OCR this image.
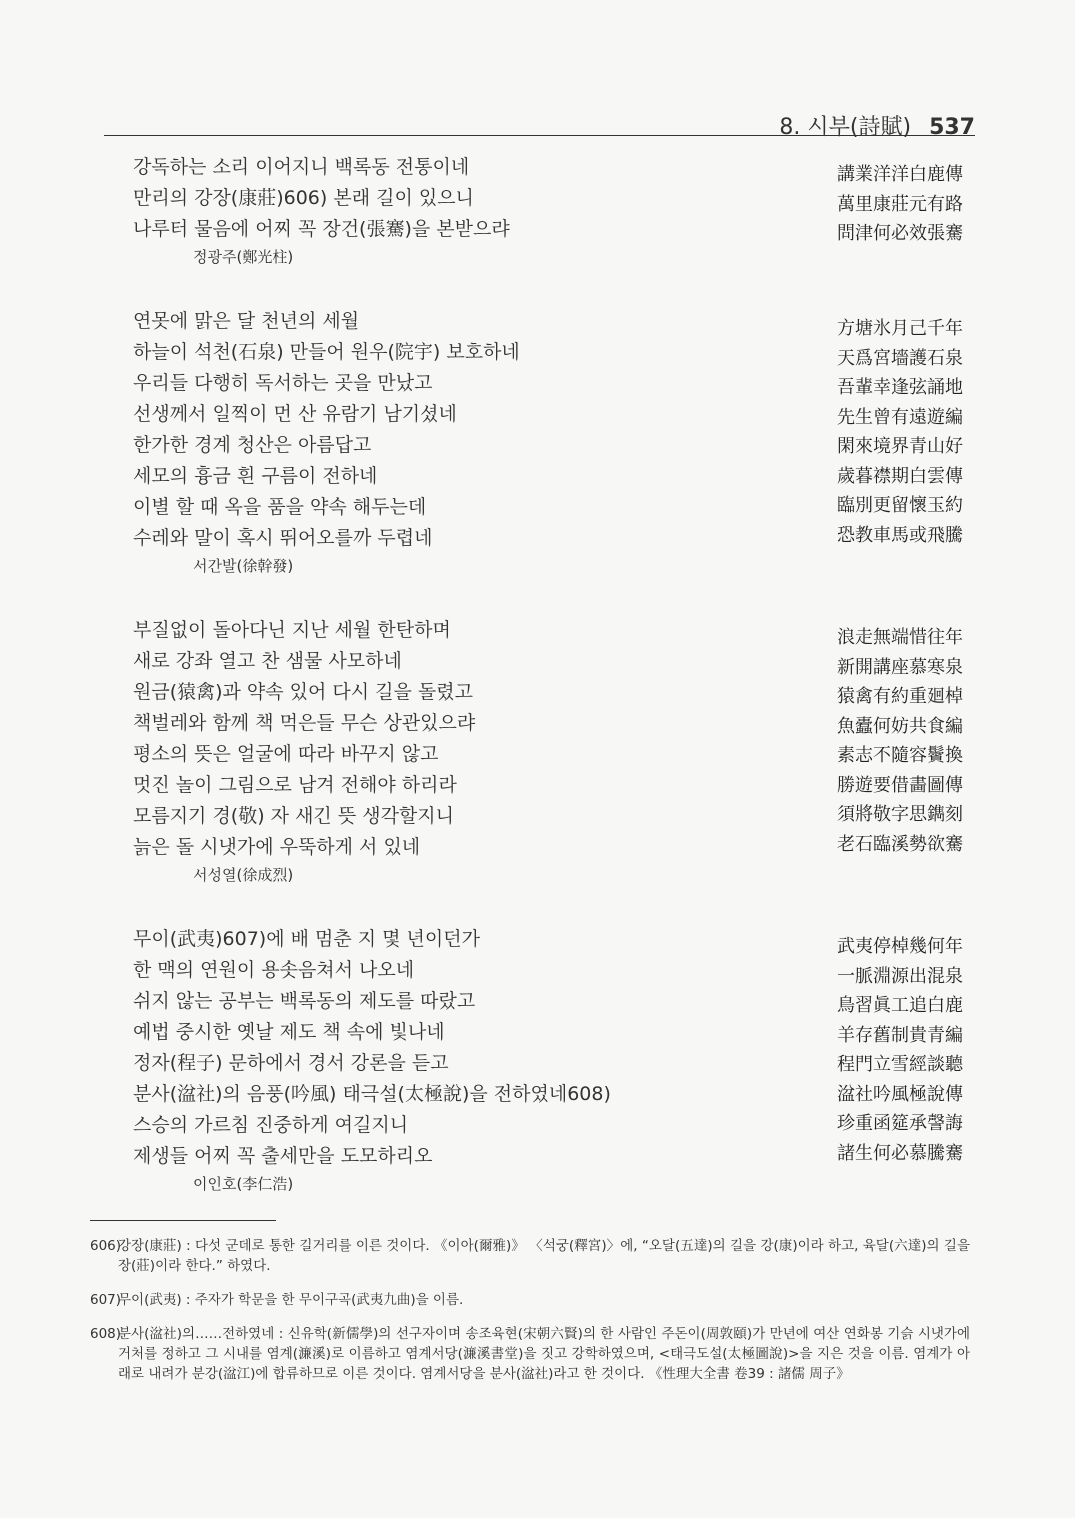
8. 시부(詩賦) 537
강독하는 소리 이어지니 백록동 전통이네
만리의 강장(康莊)606) 본래 길이 있으니
나루터 물음에 어찌 꼭 장건(張騫)을 본받으랴
정광주(鄭光柱)
講業洋洋白鹿傳
萬里康莊元有路
問津何必效張騫
연못에 맑은 달 천년의 세월
하늘이 석천(石泉) 만들어 원우(院宇) 보호하네
우리들 다행히 독서하는 곳을 만났고
선생께서 일찍이 먼 산 유람기 남기셨네
한가한 경계 청산은 아름답고
세모의 흉금 흰 구름이 전하네
이별 할 때 옥을 품을 약속 해두는데
수레와 말이 혹시 뛰어오를까 두렵네
서간발(徐幹發)
方塘氷月己千年
天爲宮墻護石泉
吾輩幸逢弦誦地
先生曾有遠遊編
閑來境界青山好
歲暮襟期白雲傳
臨別更留懷玉約
恐教車馬或飛騰
부질없이 돌아다닌 지난 세월 한탄하며
새로 강좌 열고 찬 샘물 사모하네
원금(猿禽)과 약속 있어 다시 길을 돌렸고
책벌레와 함께 책 먹은들 무슨 상관있으랴
평소의 뜻은 얼굴에 따라 바꾸지 않고
멋진 놀이 그림으로 남겨 전해야 하리라
모름지기 경(敬) 자 새긴 뜻 생각할지니
늙은 돌 시냇가에 우뚝하게 서 있네
서성열(徐成烈)
浪走無端惜往年
新開講座慕寒泉
猿禽有約重廻棹
魚蠹何妨共食編
素志不隨容鬢換
勝遊要借畵圖傳
須將敬字思鐫刻
老石臨溪勢欲騫
무이(武夷)607)에 배 멈춘 지 몇 년이던가
한 맥의 연원이 용솟음쳐서 나오네
쉬지 않는 공부는 백록동의 제도를 따랐고
예법 중시한 옛날 제도 책 속에 빛나네
정자(程子) 문하에서 경서 강론을 듣고
분사(湓社)의 음풍(吟風) 태극설(太極說)을 전하였네608)
스승의 가르침 진중하게 여길지니
제생들 어찌 꼭 출세만을 도모하리오
이인호(李仁浩)
武夷停棹幾何年
一脈淵源出混泉
鳥習眞工追白鹿
羊存舊制貴青編
程門立雪經談聽
湓社吟風極說傳
珍重函筵承謦誨
諸生何必慕騰騫
606)
강장(康莊) : 다섯 군데로 통한 길거리를 이른 것이다. 《이아(爾雅)》 〈석궁(釋宮)〉에, “오달(五達)의 길을 강(康)이라 하고, 육달(六達)의 길을 장(莊)이라 한다.” 하였다.
607)
무이(武夷) : 주자가 학문을 한 무이구곡(武夷九曲)을 이름.
608)
분사(湓社)의……전하였네 : 신유학(新儒學)의 선구자이며 송조육현(宋朝六賢)의 한 사람인 주돈이(周敦頤)가 만년에 여산 연화봉 기슭 시냇가에 거처를 정하고 그 시내를 염계(濂溪)로 이름하고 염계서당(濂溪書堂)을 짓고 강학하였으며, <태극도설(太極圖說)>을 지은 것을 이름. 염계가 아래로 내려가 분강(湓江)에 합류하므로 이른 것이다. 염계서당을 분사(湓社)라고 한 것이다. 《性理大全書 卷39 : 諸儒 周子》
